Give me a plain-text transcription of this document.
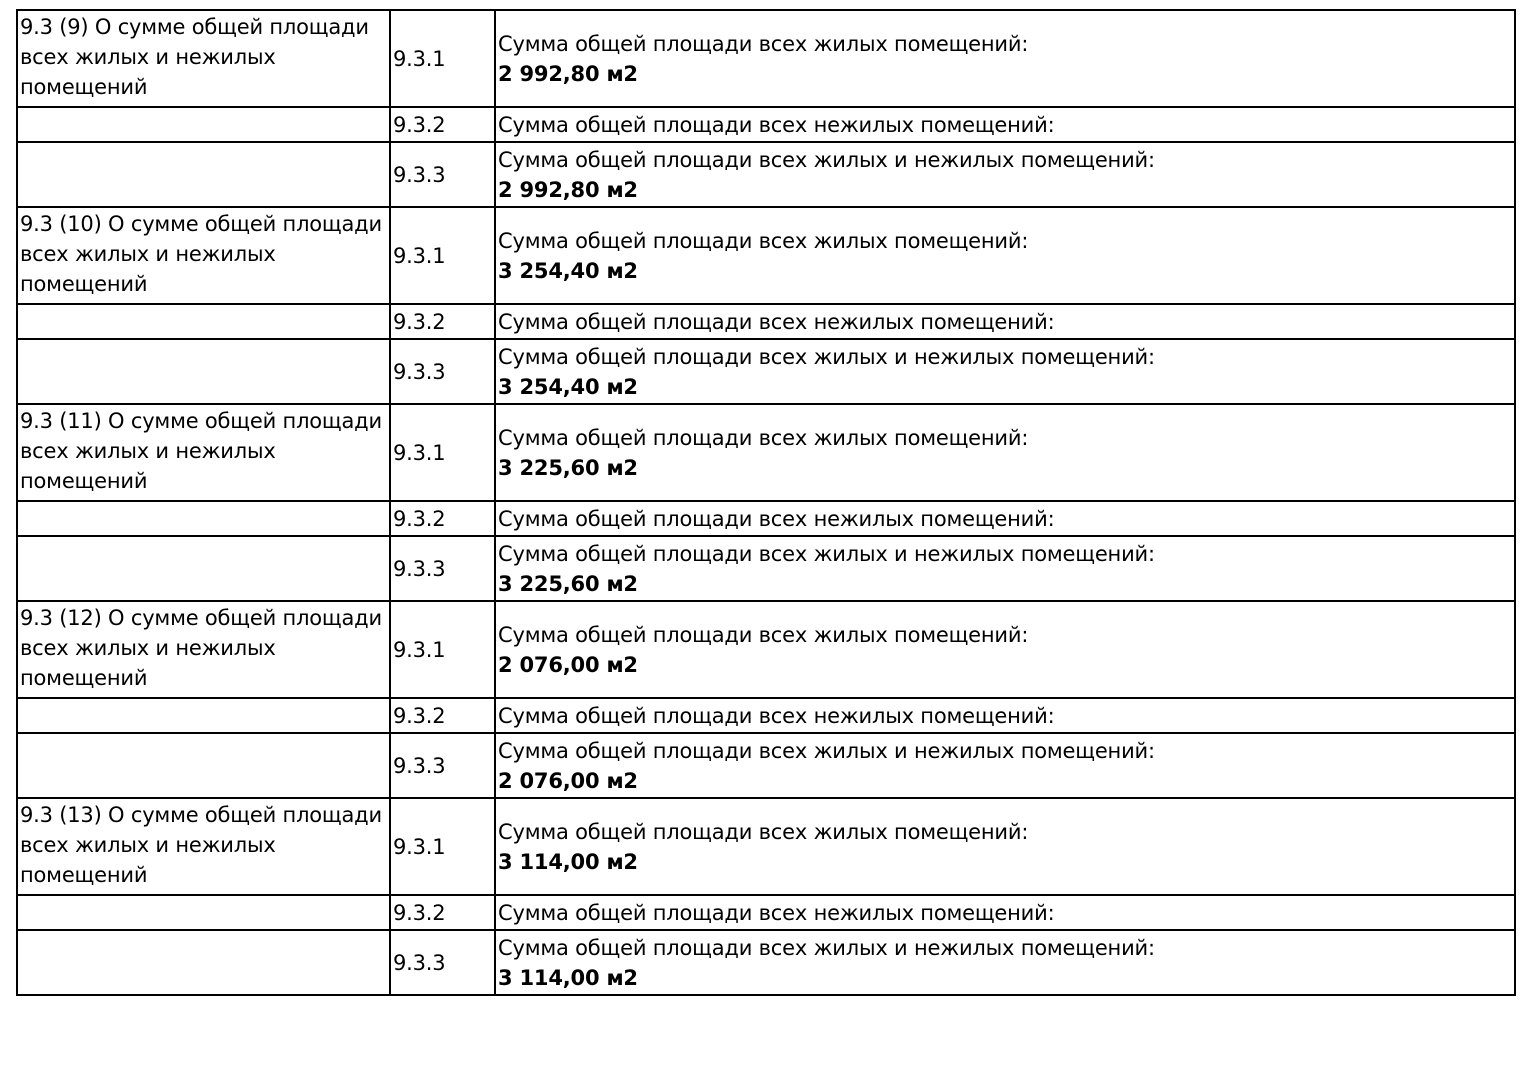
9.3 (9) О сумме общей площади всех жилых и нежилых помещений	9.3.1	Сумма общей площади всех жилых помещений:
2 992,80 м2

	9.3.2	Сумма общей площади всех нежилых помещений:

	9.3.3	Сумма общей площади всех жилых и нежилых помещений:
2 992,80 м2

9.3 (10) О сумме общей площади всех жилых и нежилых помещений	9.3.1	Сумма общей площади всех жилых помещений:
3 254,40 м2

	9.3.2	Сумма общей площади всех нежилых помещений:

	9.3.3	Сумма общей площади всех жилых и нежилых помещений:
3 254,40 м2

9.3 (11) О сумме общей площади всех жилых и нежилых помещений	9.3.1	Сумма общей площади всех жилых помещений:
3 225,60 м2

	9.3.2	Сумма общей площади всех нежилых помещений:

	9.3.3	Сумма общей площади всех жилых и нежилых помещений:
3 225,60 м2

9.3 (12) О сумме общей площади всех жилых и нежилых помещений	9.3.1	Сумма общей площади всех жилых помещений:
2 076,00 м2

	9.3.2	Сумма общей площади всех нежилых помещений:

	9.3.3	Сумма общей площади всех жилых и нежилых помещений:
2 076,00 м2

9.3 (13) О сумме общей площади всех жилых и нежилых помещений	9.3.1	Сумма общей площади всех жилых помещений:
3 114,00 м2

	9.3.2	Сумма общей площади всех нежилых помещений:

	9.3.3	Сумма общей площади всех жилых и нежилых помещений:
3 114,00 м2
